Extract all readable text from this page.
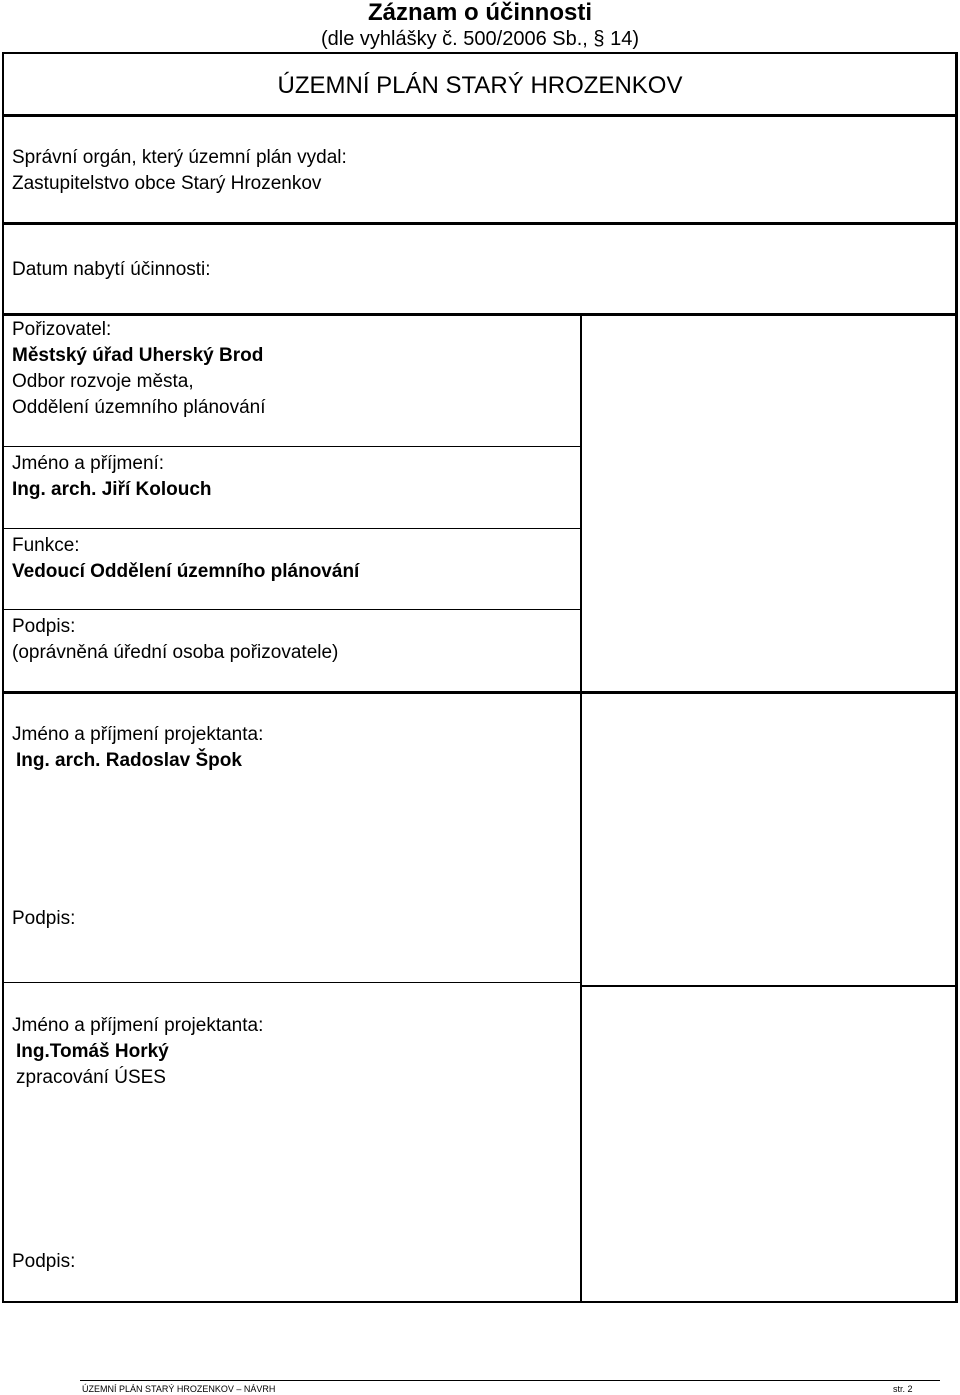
Záznam o účinnosti
(dle vyhlášky č. 500/2006 Sb., § 14)
ÚZEMNÍ PLÁN STARÝ HROZENKOV
Správní orgán, který územní plán vydal:
Zastupitelstvo obce Starý Hrozenkov
Datum nabytí účinnosti:
Pořizovatel:
Městský úřad Uherský Brod
Odbor rozvoje města,
Oddělení územního plánování
Jméno a příjmení:
Ing. arch. Jiří Kolouch
Funkce:
Vedoucí Oddělení územního plánování
Podpis:
(oprávněná úřední osoba pořizovatele)
Jméno a příjmení projektanta:
Ing. arch. Radoslav Špok
Podpis:
Jméno a příjmení projektanta:
Ing.Tomáš Horký
zpracování ÚSES
Podpis:
ÚZEMNÍ PLÁN STARÝ HROZENKOV – NÁVRH	str. 2
